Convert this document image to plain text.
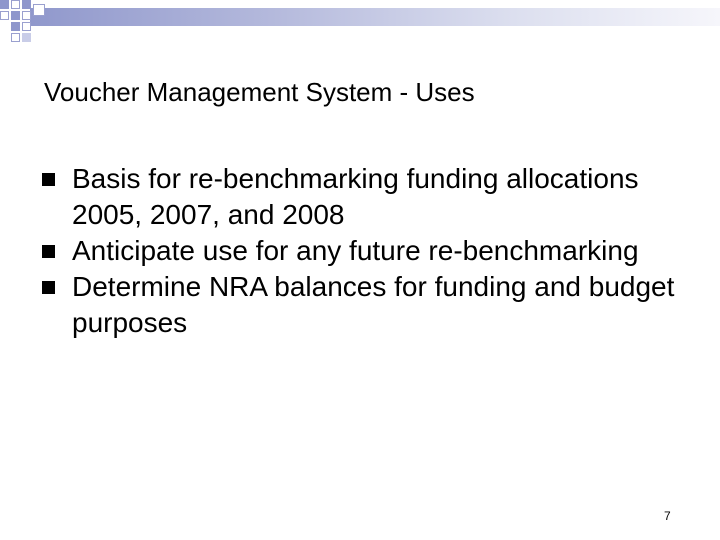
Voucher Management System - Uses
Basis for re-benchmarking funding allocations 2005, 2007, and 2008
Anticipate use for any future re-benchmarking
Determine NRA balances for funding and budget purposes
7
